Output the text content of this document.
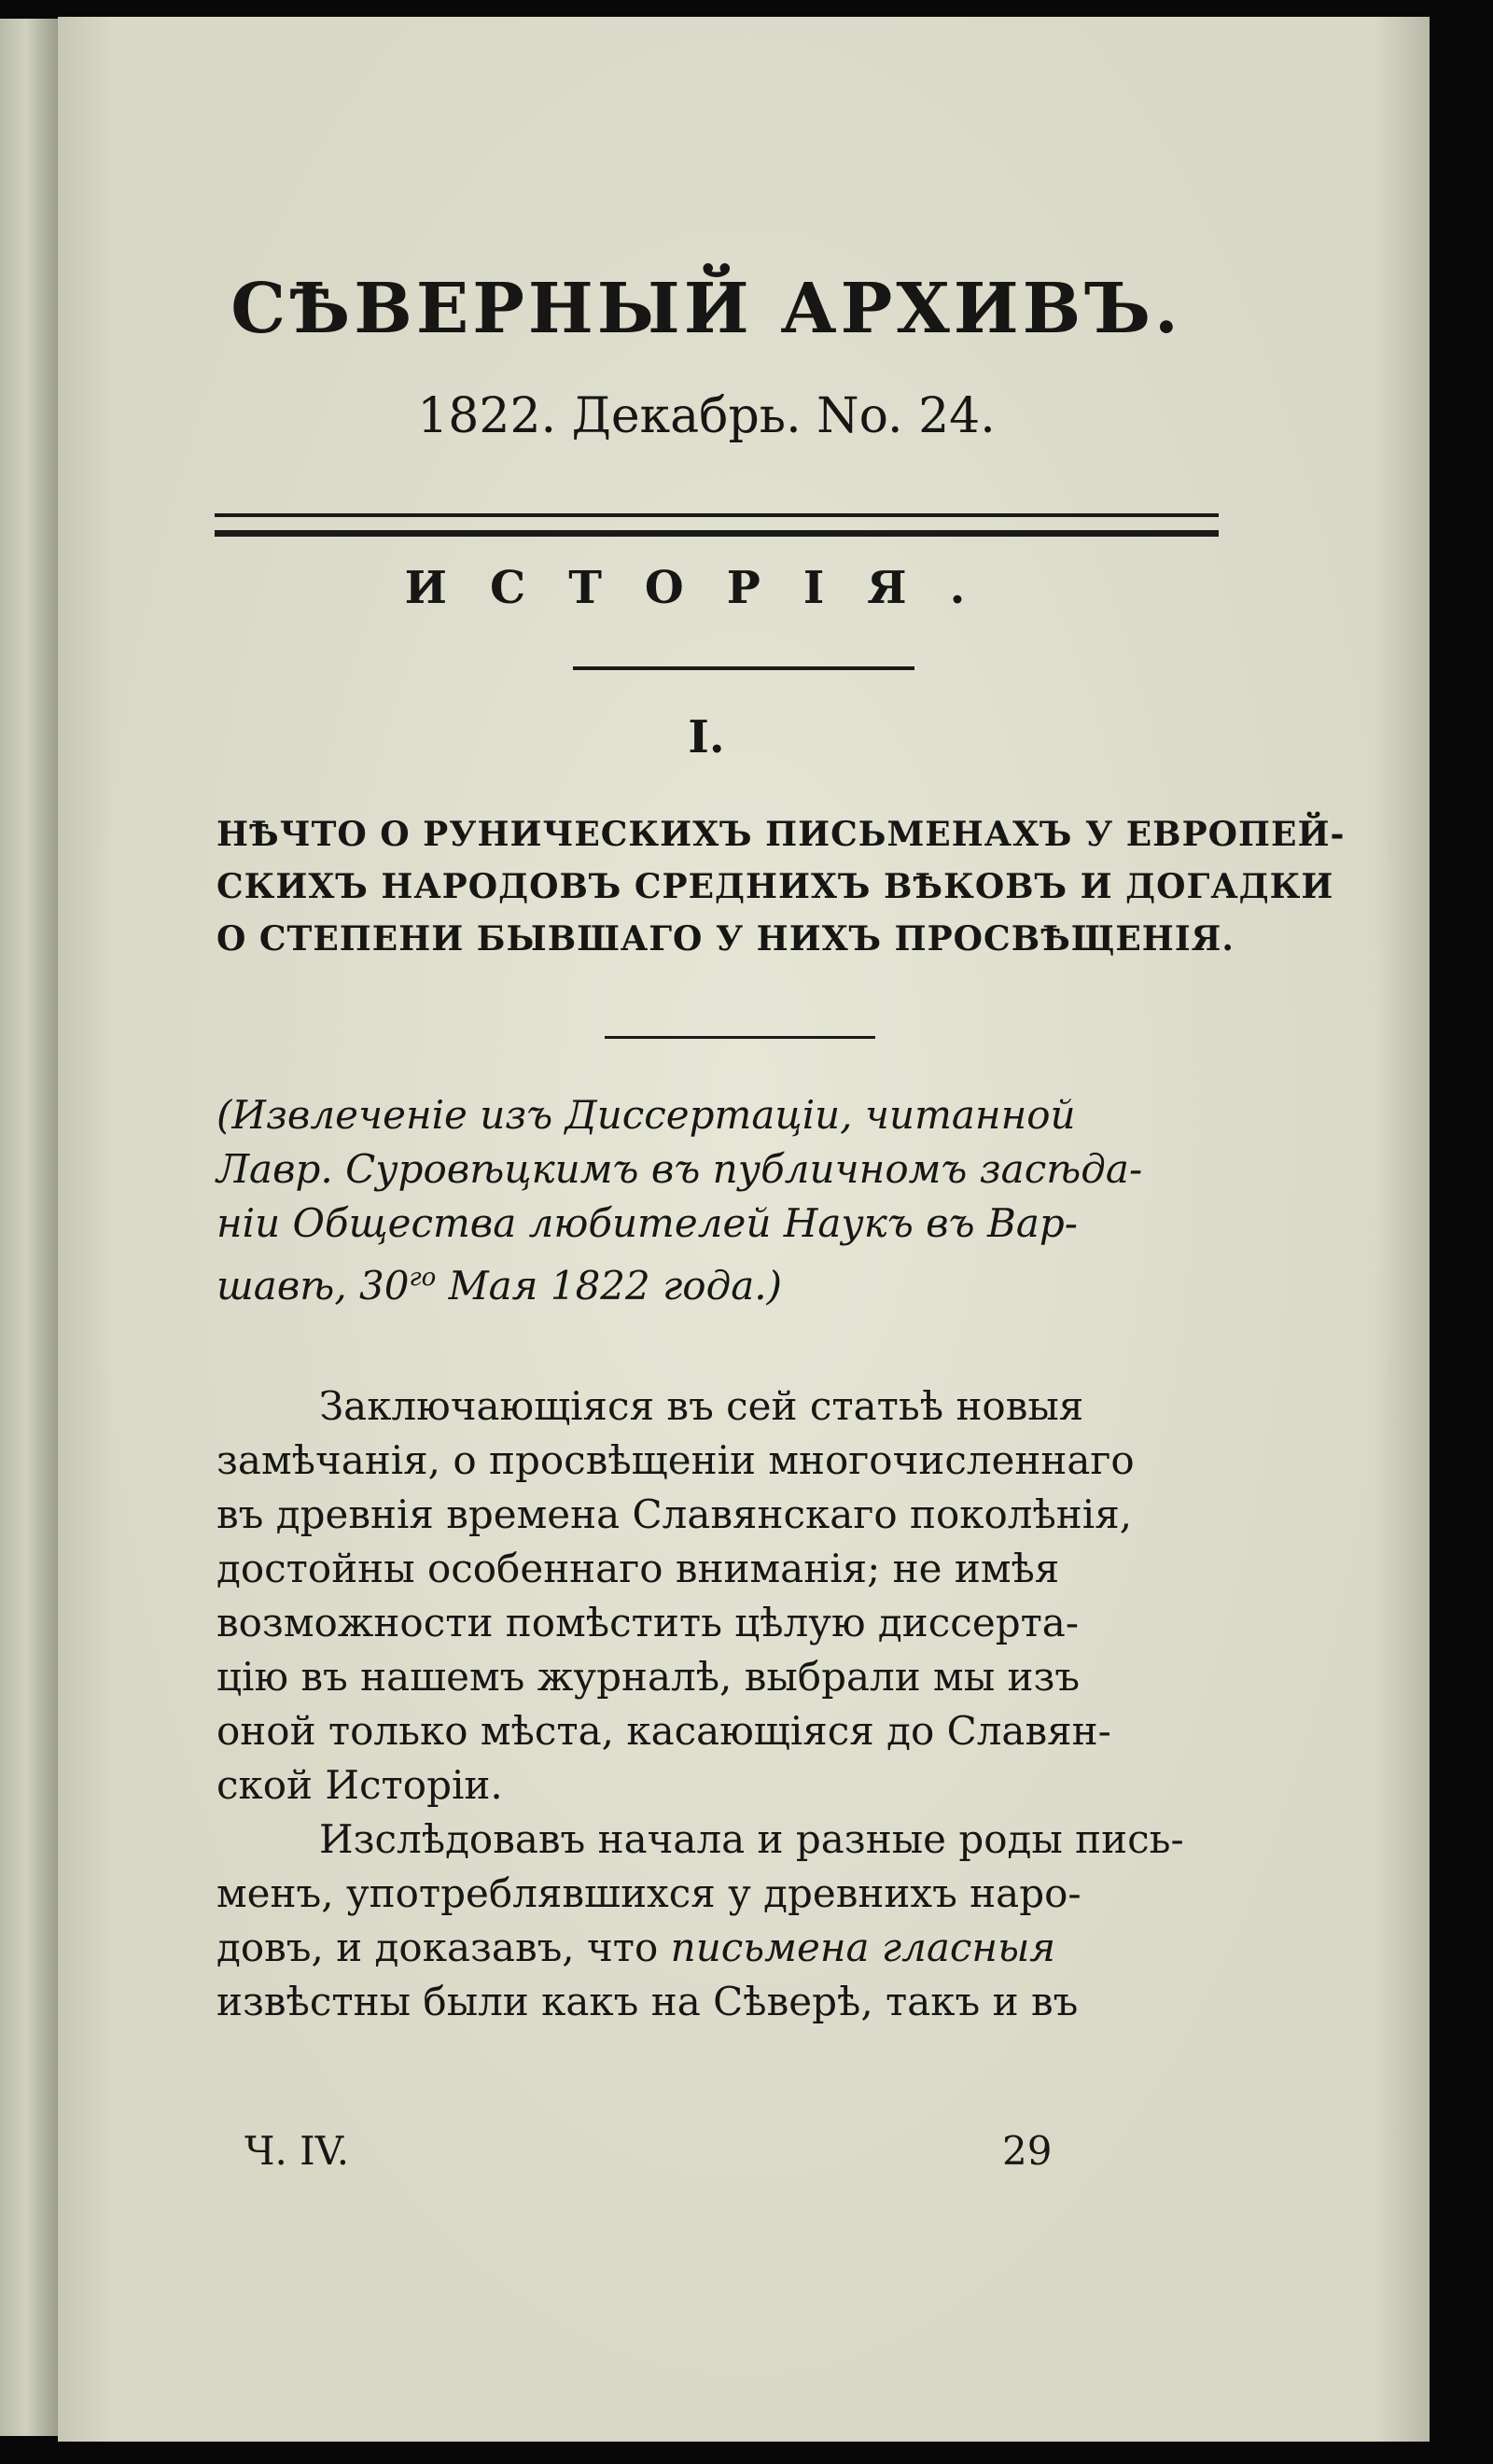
СѢВЕРНЫЙ АРХИВЪ.
1822. Декабрь. No. 24.
ИСТОРІЯ.
I.
НѢЧТО О РУНИЧЕСКИХЪ ПИСЬМЕНАХЪ У ЕВРОПЕЙ-
СКИХЪ НАРОДОВЪ СРЕДНИХЪ ВѢКОВЪ И ДОГАДКИ
О СТЕПЕНИ БЫВШАГО У НИХЪ ПРОСВѢЩЕНІЯ.
(Извлеченіе изъ Диссертаціи, читанной
Лавр. Суровѣцкимъ въ публичномъ засѣда-
ніи Общества любителей Наукъ въ Вар-
шавѣ, $30^{го}$ Мая 1822 года.)
Заключающіяся въ сей статьѣ новыя
замѣчанія, о просвѣщеніи многочисленнаго
въ древнія времена Славянскаго поколѣнія,
достойны особеннаго вниманія; не имѣя
возможности помѣстить цѣлую диссерта-
цію въ нашемъ журналѣ, выбрали мы изъ
оной только мѣста, касающіяся до Славян-
ской Исторіи.
Изслѣдовавъ начала и разные роды пись-
менъ, употреблявшихся у древнихъ наро-
довъ, и доказавъ, что письмена гласныя
извѣстны были какъ на Сѣверѣ, такъ и въ
Ч. IV.	29
